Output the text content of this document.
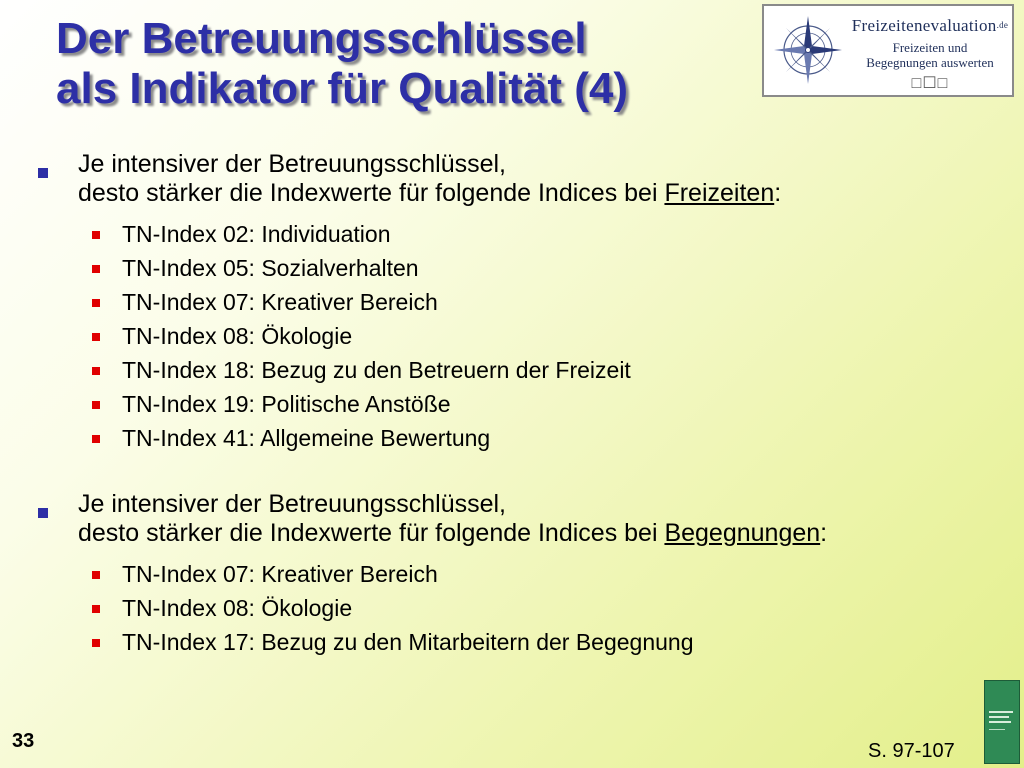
Der Betreuungsschlüssel
als Indikator für Qualität (4)
Freizeitenevaluation$^{.de}$
Freizeiten und
Begegnungen auswerten
□☐□
Je intensiver der Betreuungsschlüssel,
desto stärker die Indexwerte für folgende Indices bei Freizeiten:
TN-Index 02: Individuation
TN-Index 05: Sozialverhalten
TN-Index 07: Kreativer Bereich
TN-Index 08: Ökologie
TN-Index 18: Bezug zu den Betreuern der Freizeit
TN-Index 19: Politische Anstöße
TN-Index 41: Allgemeine Bewertung
Je intensiver der Betreuungsschlüssel,
desto stärker die Indexwerte für folgende Indices bei Begegnungen:
TN-Index 07: Kreativer Bereich
TN-Index 08: Ökologie
TN-Index 17: Bezug zu den Mitarbeitern der Begegnung
33	S. 97-107
